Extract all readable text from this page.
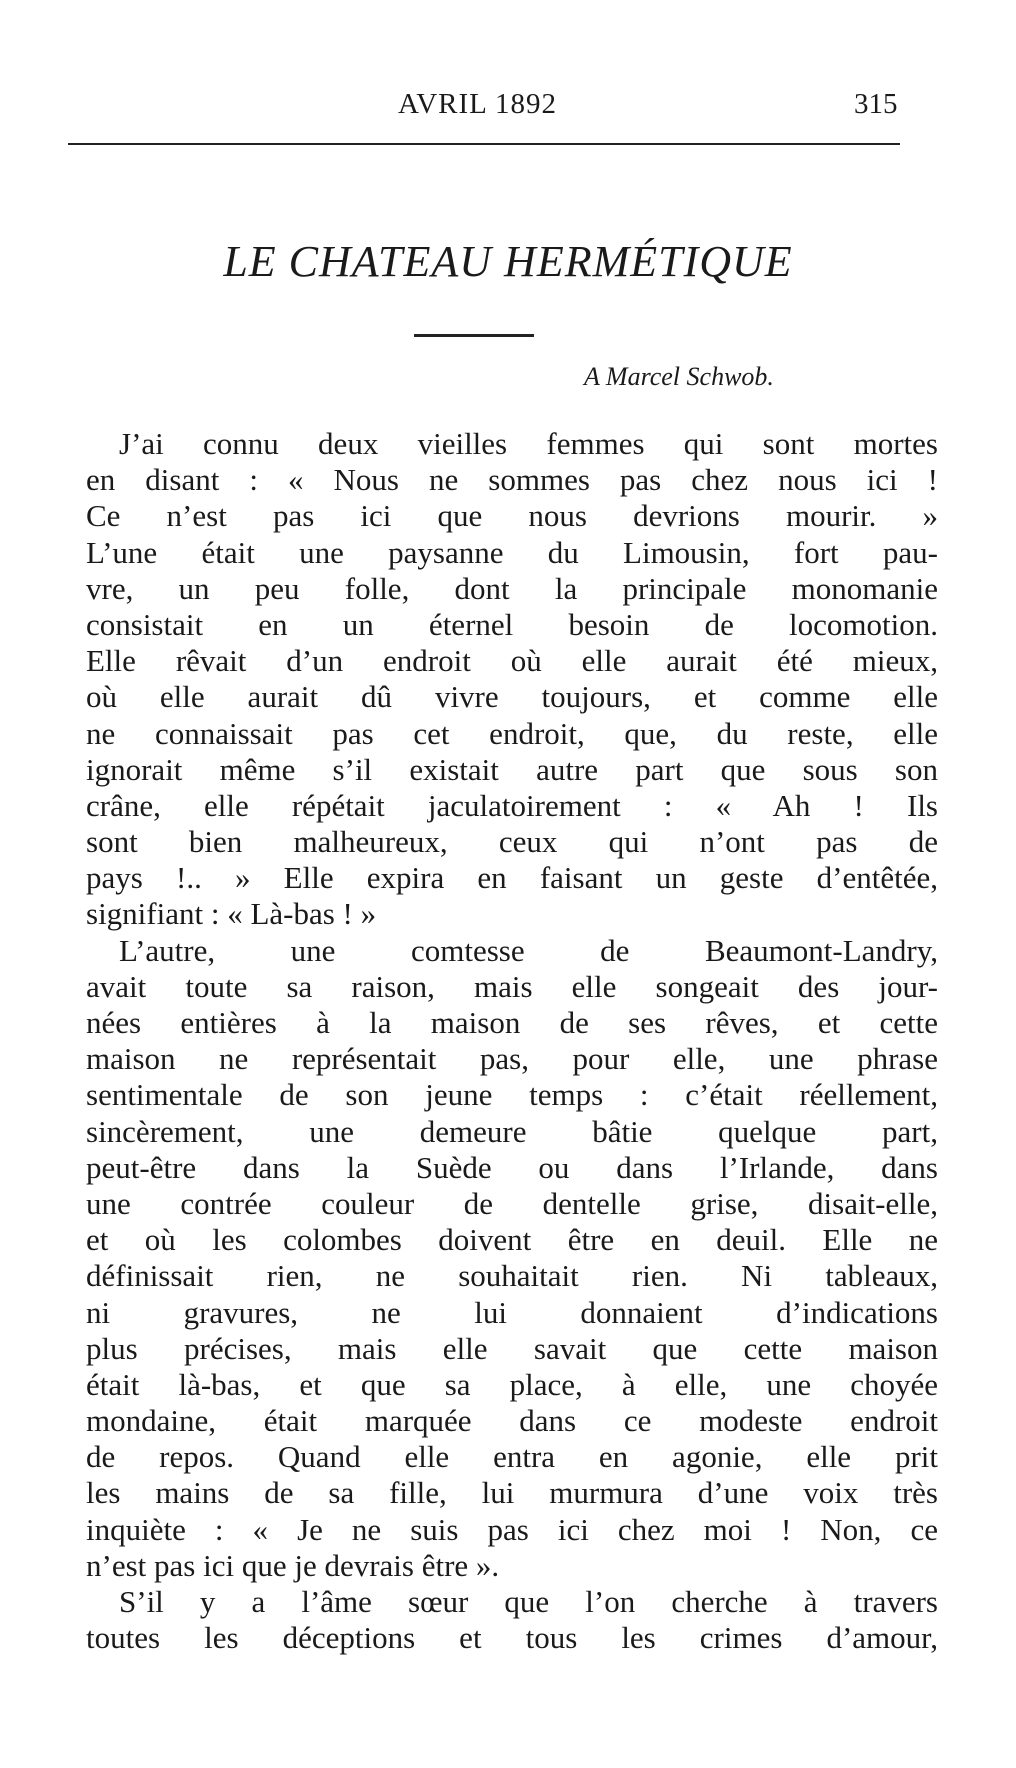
AVRIL 1892	315
LE CHATEAU HERMÉTIQUE
A Marcel Schwob.
J’ai connu deux vieilles femmes qui sont mortes
en disant : « Nous ne sommes pas chez nous ici !
Ce n’est pas ici que nous devrions mourir. »
L’une était une paysanne du Limousin, fort pau-
vre, un peu folle, dont la principale monomanie
consistait en un éternel besoin de locomotion.
Elle rêvait d’un endroit où elle aurait été mieux,
où elle aurait dû vivre toujours, et comme elle
ne connaissait pas cet endroit, que, du reste, elle
ignorait même s’il existait autre part que sous son
crâne, elle répétait jaculatoirement : « Ah ! Ils
sont bien malheureux, ceux qui n’ont pas de
pays !.. » Elle expira en faisant un geste d’entêtée,
signifiant : « Là-bas ! »
L’autre, une comtesse de Beaumont-Landry,
avait toute sa raison, mais elle songeait des jour-
nées entières à la maison de ses rêves, et cette
maison ne représentait pas, pour elle, une phrase
sentimentale de son jeune temps : c’était réellement,
sincèrement, une demeure bâtie quelque part,
peut-être dans la Suède ou dans l’Irlande, dans
une contrée couleur de dentelle grise, disait-elle,
et où les colombes doivent être en deuil. Elle ne
définissait rien, ne souhaitait rien. Ni tableaux,
ni gravures, ne lui donnaient d’indications
plus précises, mais elle savait que cette maison
était là-bas, et que sa place, à elle, une choyée
mondaine, était marquée dans ce modeste endroit
de repos. Quand elle entra en agonie, elle prit
les mains de sa fille, lui murmura d’une voix très
inquiète : « Je ne suis pas ici chez moi ! Non, ce
n’est pas ici que je devrais être ».
S’il y a l’âme sœur que l’on cherche à travers
toutes les déceptions et tous les crimes d’amour,
